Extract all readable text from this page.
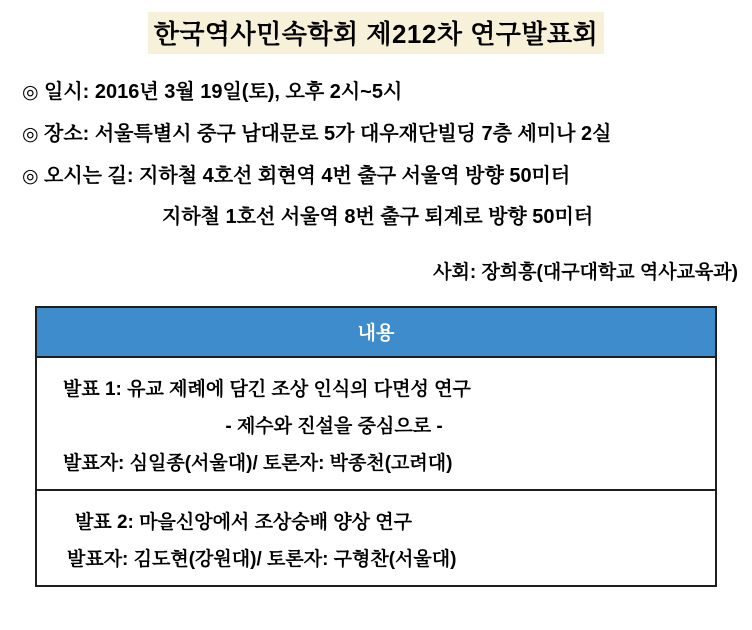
한국역사민속학회 제212차 연구발표회
◎ 일시: 2016년 3월 19일(토), 오후 2시~5시
◎ 장소: 서울특별시 중구 남대문로 5가 대우재단빌딩 7층 세미나 2실
◎ 오시는 길: 지하철 4호선 회현역 4번 출구 서울역 방향 50미터
지하철 1호선 서울역 8번 출구 퇴계로 방향 50미터
사회: 장희흥(대구대학교 역사교육과)
내용

발표 1: 유교 제례에 담긴 조상 인식의 다면성 연구
- 제수와 진설을 중심으로 -
발표자: 심일종(서울대)/ 토론자: 박종천(고려대)

발표 2: 마을신앙에서 조상숭배 양상 연구
발표자: 김도현(강원대)/ 토론자: 구형찬(서울대)
